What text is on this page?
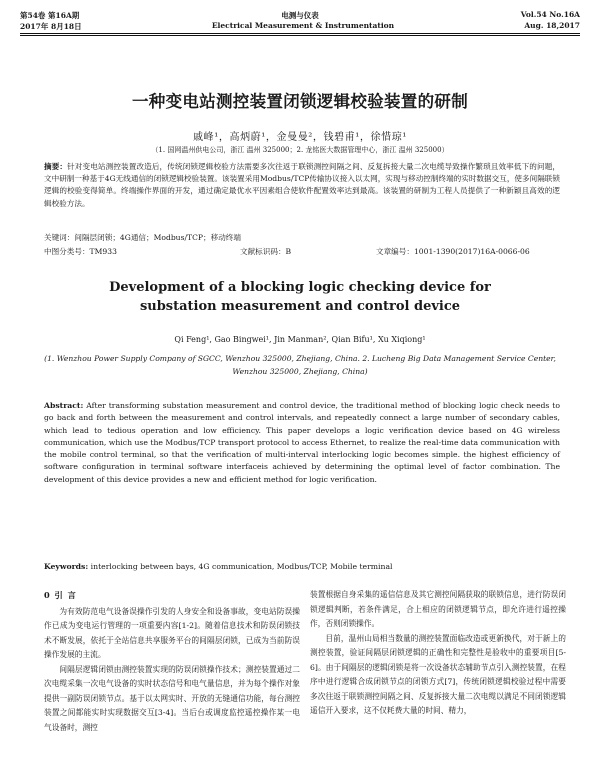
第54卷 第16A期	电测与仪表	Vol.54 No.16A
2017年 8月18日	Electrical Measurement & Instrumentation	Aug. 18,2017
一种变电站测控装置闭锁逻辑校验装置的研制
戚峰¹，高炳蔚¹，金曼曼²，钱碧甫¹，徐惜琼¹
（1. 国网温州供电公司，浙江 温州 325000；2. 龙铭医大数据管理中心，浙江 温州 325000）

摘要：针对变电站测控装置改造后，传统闭锁逻辑校验方法需要多次往返于联锁测控间隔之间、反复拆接大量二次电缆导致操作繁琐且效率低下的问题，文中研制一种基于4G无线通信的闭锁逻辑校验装置。该装置采用Modbus/TCP传输协议接入以太网，实现与移动控制终端的实时数据交互，使多间隔联锁逻辑的校验变得简单。终端操作界面的开发，通过确定最优水平因素组合使软件配置效率达到最高。该装置的研制为工程人员提供了一种新颖且高效的逻辑校验方法。

关键词：间隔层闭锁；4G通信；Modbus/TCP；移动终端
中图分类号：TM933	文献标识码：B	文章编号：1001-1390(2017)16A-0066-06
Development of a blocking logic checking device for substation measurement and control device
Qi Feng¹, Gao Bingwei¹, Jin Manman², Qian Bifu¹, Xu Xiqiong¹
(1. Wenzhou Power Supply Company of SGCC, Wenzhou 325000, Zhejiang, China. 2. Lucheng Big Data Management Service Center, Wenzhou 325000, Zhejiang, China)

Abstract: After transforming substation measurement and control device, the traditional method of blocking logic check needs to go back and forth between the measurement and control intervals, and repeatedly connect a large number of secondary cables, which lead to tedious operation and low efficiency. This paper develops a logic verification device based on 4G wireless communication, which use the Modbus/TCP transport protocol to access Ethernet, to realize the real-time data communication with the mobile control terminal, so that the verification of multi-interval interlocking logic becomes simple. the highest efficiency of software configuration in terminal software interfaceis achieved by determining the optimal level of factor combination. The development of this device provides a new and efficient method for logic verification.

Keywords: interlocking between bays, 4G communication, Modbus/TCP, Mobile terminal

0 引 言

为有效防范电气设备误操作引发的人身安全和设备事故，变电站防误操作已成为变电运行管理的一项重要内容[1-2]。随着信息技术和防误闭锁技术不断发展，依托于全站信息共享服务平台的间隔层闭锁，已成为当前防误操作发展的主流。

间隔层逻辑闭锁由测控装置实现的防误闭锁操作技术；测控装置通过二次电缆采集一次电气设备的实时状态信号和电气量信息，并为每个操作对象提供一副防误闭锁节点。基于以太网实时、开放的无缝通信功能，每台测控装置之间都能实时实现数据交互[3-4]。当后台或调度监控遥控操作某一电气设备时，测控

装置根据自身采集的遥信信息及其它测控间隔获取的联锁信息，进行防误闭锁逻辑判断，若条件满足，合上相应的闭锁逻辑节点，即允许进行遥控操作，否则闭锁操作。

目前，温州山局相当数量的测控装置面临改造或更新换代，对于新上的测控装置，验证间隔层闭锁逻辑的正确性和完整性是验收中的重要项目[5-6]。由于间隔层的逻辑闭锁是将一次设备状态辅助节点引入测控装置，在程序中进行逻辑合成闭锁节点的闭锁方式[7]，传统闭锁逻辑校验过程中需要多次往返于联锁测控间隔之间、反复拆接大量二次电缆以满足不同闭锁逻辑遥信开入要求，这不仅耗费大量的时间、精力，
